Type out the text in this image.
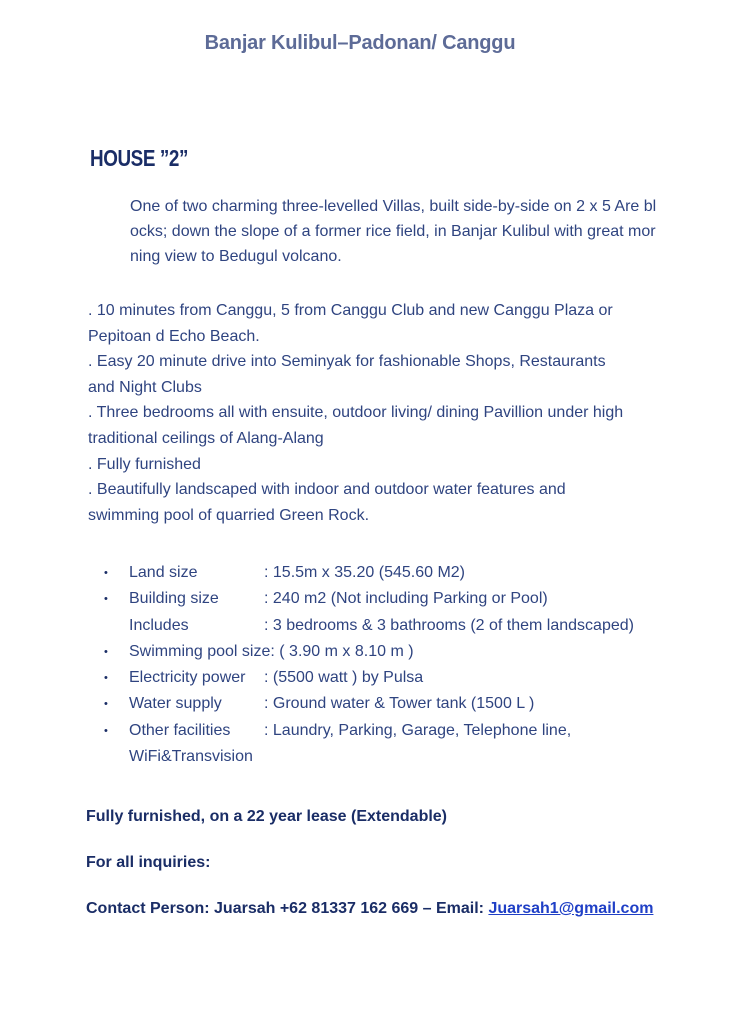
Banjar Kulibul–Padonan/ Canggu
HOUSE ”2”
One of two charming three-levelled Villas, built side-by-side on 2 x 5 Are blocks; down the slope of a former rice field, in Banjar Kulibul with great morning view to Bedugul volcano.

. 10 minutes from Canggu, 5 from Canggu Club and new Canggu Plaza or Pepitoan d Echo Beach.

. Easy 20 minute drive into Seminyak for fashionable Shops, Restaurants

and Night Clubs

. Three bedrooms all with ensuite, outdoor living/ dining Pavillion under high

traditional ceilings of Alang-Alang

. Fully furnished

. Beautifully landscaped with indoor and outdoor water features and

swimming pool of quarried Green Rock.

•	Land size	: 15.5m x 35.20 (545.60 M2)
•	Building size	: 240 m2 (Not including Parking or Pool)
Includes	: 3 bedrooms & 3 bathrooms (2 of them landscaped)
•	Swimming pool size: ( 3.90 m x 8.10 m )
•	Electricity power : (5500 watt ) by Pulsa
•	Water supply	: Ground water & Tower tank (1500 L )
•	Other facilities : Laundry, Parking, Garage, Telephone line,
WiFi&Transvision
Fully furnished, on a 22 year lease (Extendable)
For all inquiries:
Contact Person: Juarsah +62 81337 162 669 – Email: Juarsah1@gmail.com
